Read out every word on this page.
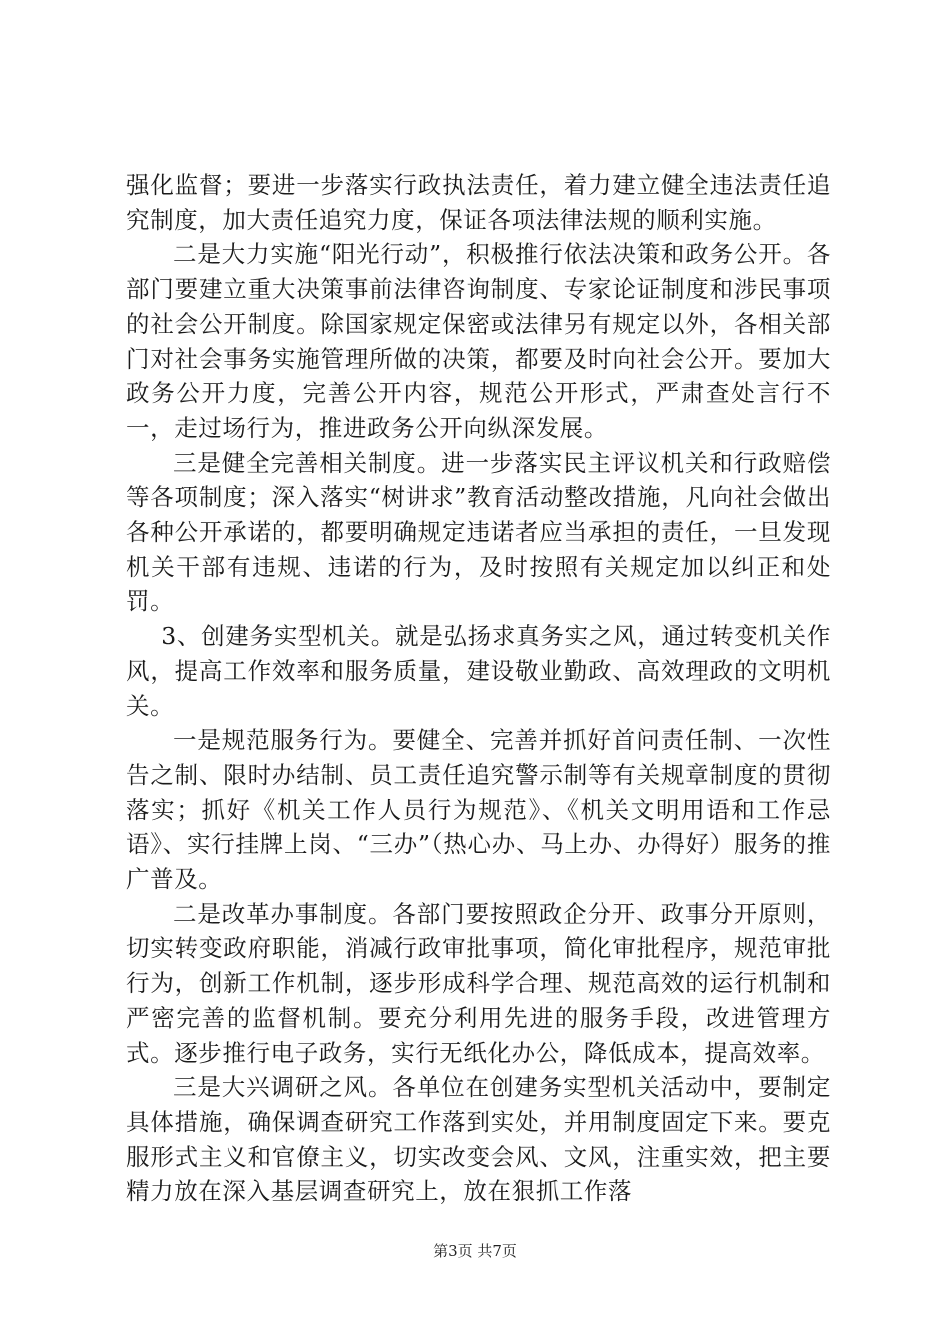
强化监督；要进一步落实行政执法责任，着力建立健全违法责任追究制度，加大责任追究力度，保证各项法律法规的顺利实施。

二是大力实施“阳光行动”，积极推行依法决策和政务公开。各部门要建立重大决策事前法律咨询制度、专家论证制度和涉民事项的社会公开制度。除国家规定保密或法律另有规定以外，各相关部门对社会事务实施管理所做的决策，都要及时向社会公开。要加大政务公开力度，完善公开内容，规范公开形式，严肃查处言行不一，走过场行为，推进政务公开向纵深发展。

三是健全完善相关制度。进一步落实民主评议机关和行政赔偿等各项制度；深入落实“树讲求”教育活动整改措施，凡向社会做出各种公开承诺的，都要明确规定违诺者应当承担的责任，一旦发现机关干部有违规、违诺的行为，及时按照有关规定加以纠正和处罚。

3、创建务实型机关。就是弘扬求真务实之风，通过转变机关作风，提高工作效率和服务质量，建设敬业勤政、高效理政的文明机关。

一是规范服务行为。要健全、完善并抓好首问责任制、一次性告之制、限时办结制、员工责任追究警示制等有关规章制度的贯彻落实；抓好《机关工作人员行为规范》、《机关文明用语和工作忌语》、实行挂牌上岗、“三办”（热心办、马上办、办得好）服务的推广普及。

二是改革办事制度。各部门要按照政企分开、政事分开原则，切实转变政府职能，消减行政审批事项，简化审批程序，规范审批行为，创新工作机制，逐步形成科学合理、规范高效的运行机制和严密完善的监督机制。要充分利用先进的服务手段，改进管理方式。逐步推行电子政务，实行无纸化办公，降低成本，提高效率。

三是大兴调研之风。各单位在创建务实型机关活动中，要制定具体措施，确保调查研究工作落到实处，并用制度固定下来。要克服形式主义和官僚主义，切实改变会风、文风，注重实效，把主要精力放在深入基层调查研究上，放在狠抓工作落

第3页 共7页
